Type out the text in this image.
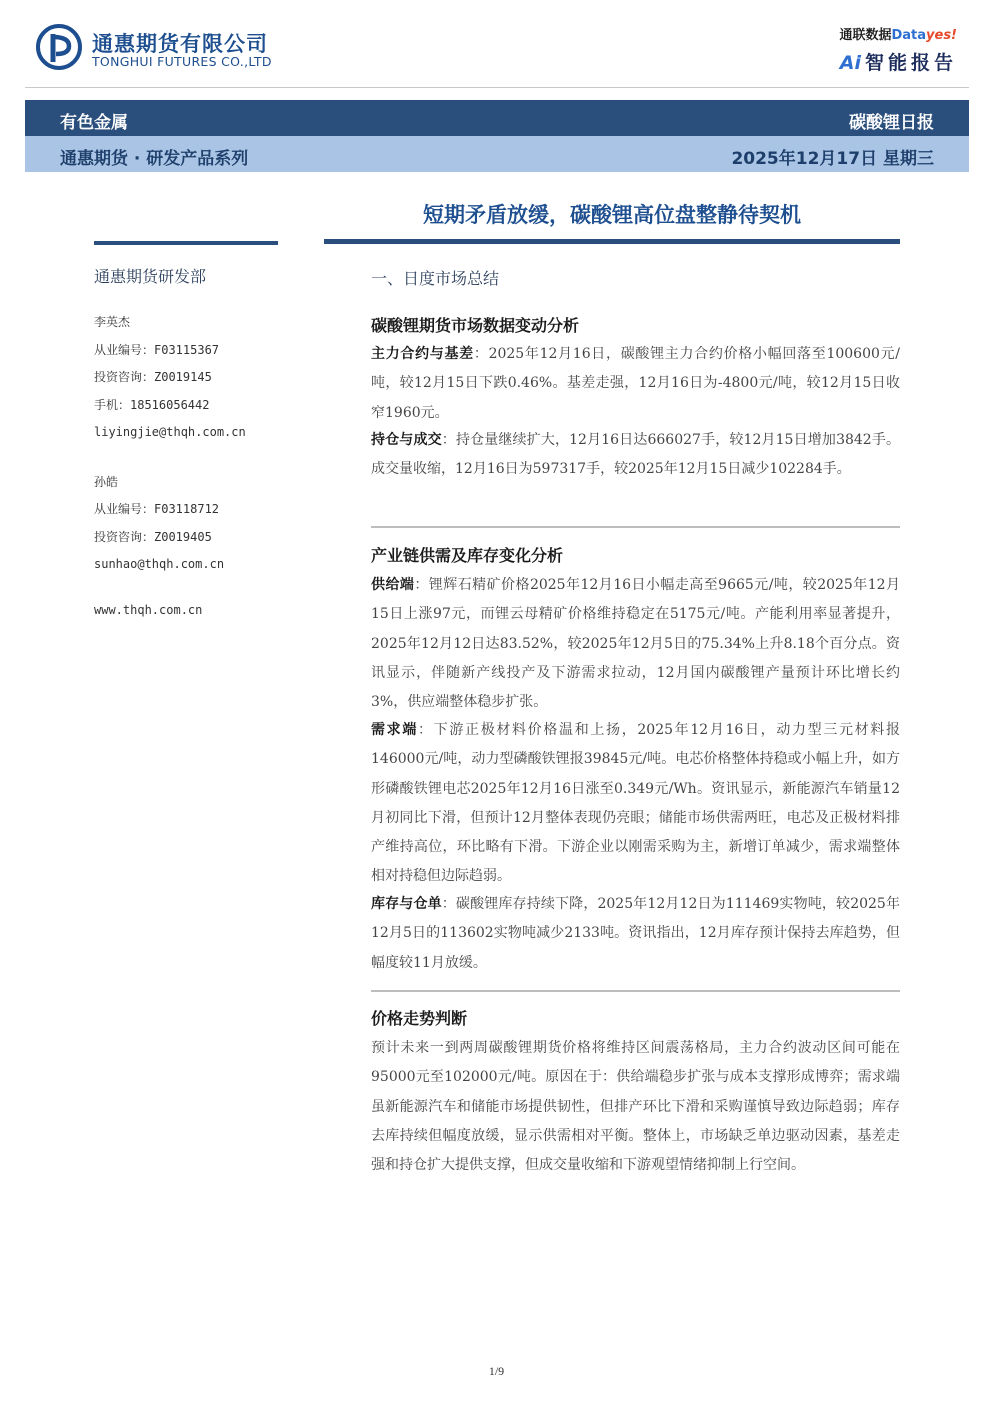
通惠期货有限公司
TONGHUI FUTURES CO.,LTD
通联数据Datayes!
Ai 智能报告
有色金属	碳酸锂日报
通惠期货 · 研发产品系列	2025年12月17日 星期三
短期矛盾放缓，碳酸锂高位盘整静待契机
通惠期货研发部
李英杰
从业编号：F03115367
投资咨询：Z0019145
手机：18516056442
liyingjie@thqh.com.cn
孙皓
从业编号：F03118712
投资咨询：Z0019405
sunhao@thqh.com.cn
www.thqh.com.cn
一、日度市场总结
碳酸锂期货市场数据变动分析
主力合约与基差：2025年12月16日，碳酸锂主力合约价格小幅回落至100600元/吨，较12月15日下跌0.46%。基差走强，12月16日为-4800元/吨，较12月15日收窄1960元。
持仓与成交：持仓量继续扩大，12月16日达666027手，较12月15日增加3842手。成交量收缩，12月16日为597317手，较2025年12月15日减少102284手。
产业链供需及库存变化分析
供给端：锂辉石精矿价格2025年12月16日小幅走高至9665元/吨，较2025年12月15日上涨97元，而锂云母精矿价格维持稳定在5175元/吨。产能利用率显著提升，2025年12月12日达83.52%，较2025年12月5日的75.34%上升8.18个百分点。资讯显示，伴随新产线投产及下游需求拉动，12月国内碳酸锂产量预计环比增长约3%，供应端整体稳步扩张。
需求端：下游正极材料价格温和上扬，2025年12月16日，动力型三元材料报146000元/吨，动力型磷酸铁锂报39845元/吨。电芯价格整体持稳或小幅上升，如方形磷酸铁锂电芯2025年12月16日涨至0.349元/Wh。资讯显示，新能源汽车销量12月初同比下滑，但预计12月整体表现仍亮眼；储能市场供需两旺，电芯及正极材料排产维持高位，环比略有下滑。下游企业以刚需采购为主，新增订单减少，需求端整体相对持稳但边际趋弱。
库存与仓单：碳酸锂库存持续下降，2025年12月12日为111469实物吨，较2025年12月5日的113602实物吨减少2133吨。资讯指出，12月库存预计保持去库趋势，但幅度较11月放缓。
价格走势判断
预计未来一到两周碳酸锂期货价格将维持区间震荡格局，主力合约波动区间可能在95000元至102000元/吨。原因在于：供给端稳步扩张与成本支撑形成博弈；需求端虽新能源汽车和储能市场提供韧性，但排产环比下滑和采购谨慎导致边际趋弱；库存去库持续但幅度放缓，显示供需相对平衡。整体上，市场缺乏单边驱动因素，基差走强和持仓扩大提供支撑，但成交量收缩和下游观望情绪抑制上行空间。
1/9
